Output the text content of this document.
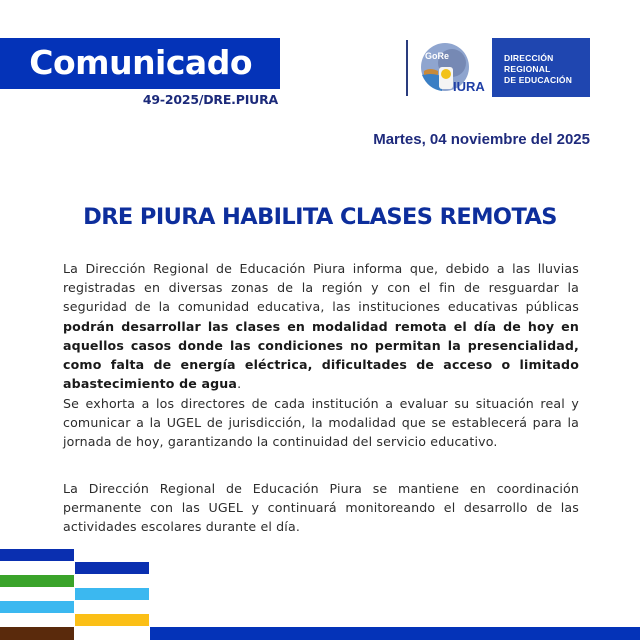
Comunicado
49-2025/DRE.PIURA
GoRe
IURA
DIRECCIÓN
REGIONAL
DE EDUCACIÓN
Martes, 04 noviembre del 2025
DRE PIURA HABILITA CLASES REMOTAS
La Dirección Regional de Educación Piura informa que, debido a las lluvias registradas en diversas zonas de la región y con el fin de resguardar la seguridad de la comunidad educativa, las instituciones educativas públicas podrán desarrollar las clases en modalidad remota el día de hoy en aquellos casos donde las condiciones no permitan la presencialidad, como falta de energía eléctrica, dificultades de acceso o limitado abastecimiento de agua.
Se exhorta a los directores de cada institución a evaluar su situación real y comunicar a la UGEL de jurisdicción, la modalidad que se establecerá para la jornada de hoy, garantizando la continuidad del servicio educativo.
La Dirección Regional de Educación Piura se mantiene en coordinación permanente con las UGEL y continuará monitoreando el desarrollo de las actividades escolares durante el día.
